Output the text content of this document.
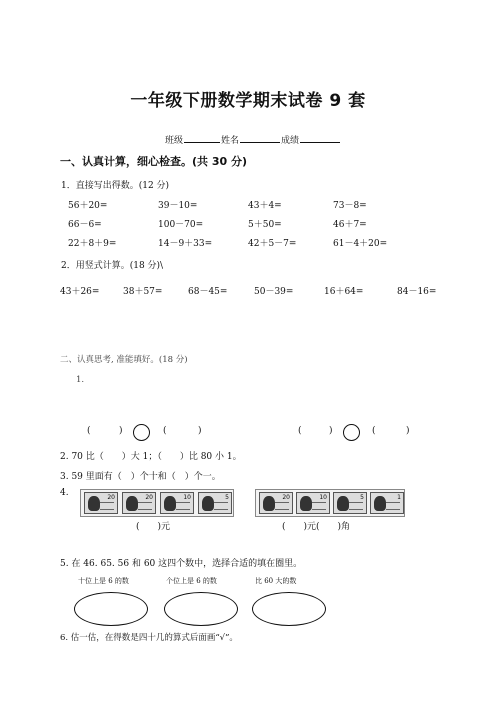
一年级下册数学期末试卷 9 套
班级	姓名	成绩
一、认真计算，细心检查。(共 30 分)
1．直接写出得数。(12 分)
56＋20=	39－10=	43＋4=	73－8=
66－6=	100－70=	5＋50=	46＋7=
22＋8＋9=	14－9＋33=	42＋5－7=	61－4＋20=
2．用竖式计算。(18 分)\
43＋26=	38＋57=	68－45=	50－39=	16＋64=	84－16=
二、认真思考, 准能填好。(18 分)
1.
(	)	(	)	(	)	(	)
2. 70 比（　　）大 1；（　　）比 80 小 1。
3. 59 里面有（　）个十和（　）个一。
4.	20	20	10	5
(　　)元
20	10	5	1
(　　)元(　　)角
5. 在 46. 65. 56 和 60 这四个数中，选择合适的填在圈里。
十位上是 6 的数	个位上是 6 的数	比 60 大的数
6. 估一估，在得数是四十几的算式后面画“√”。
